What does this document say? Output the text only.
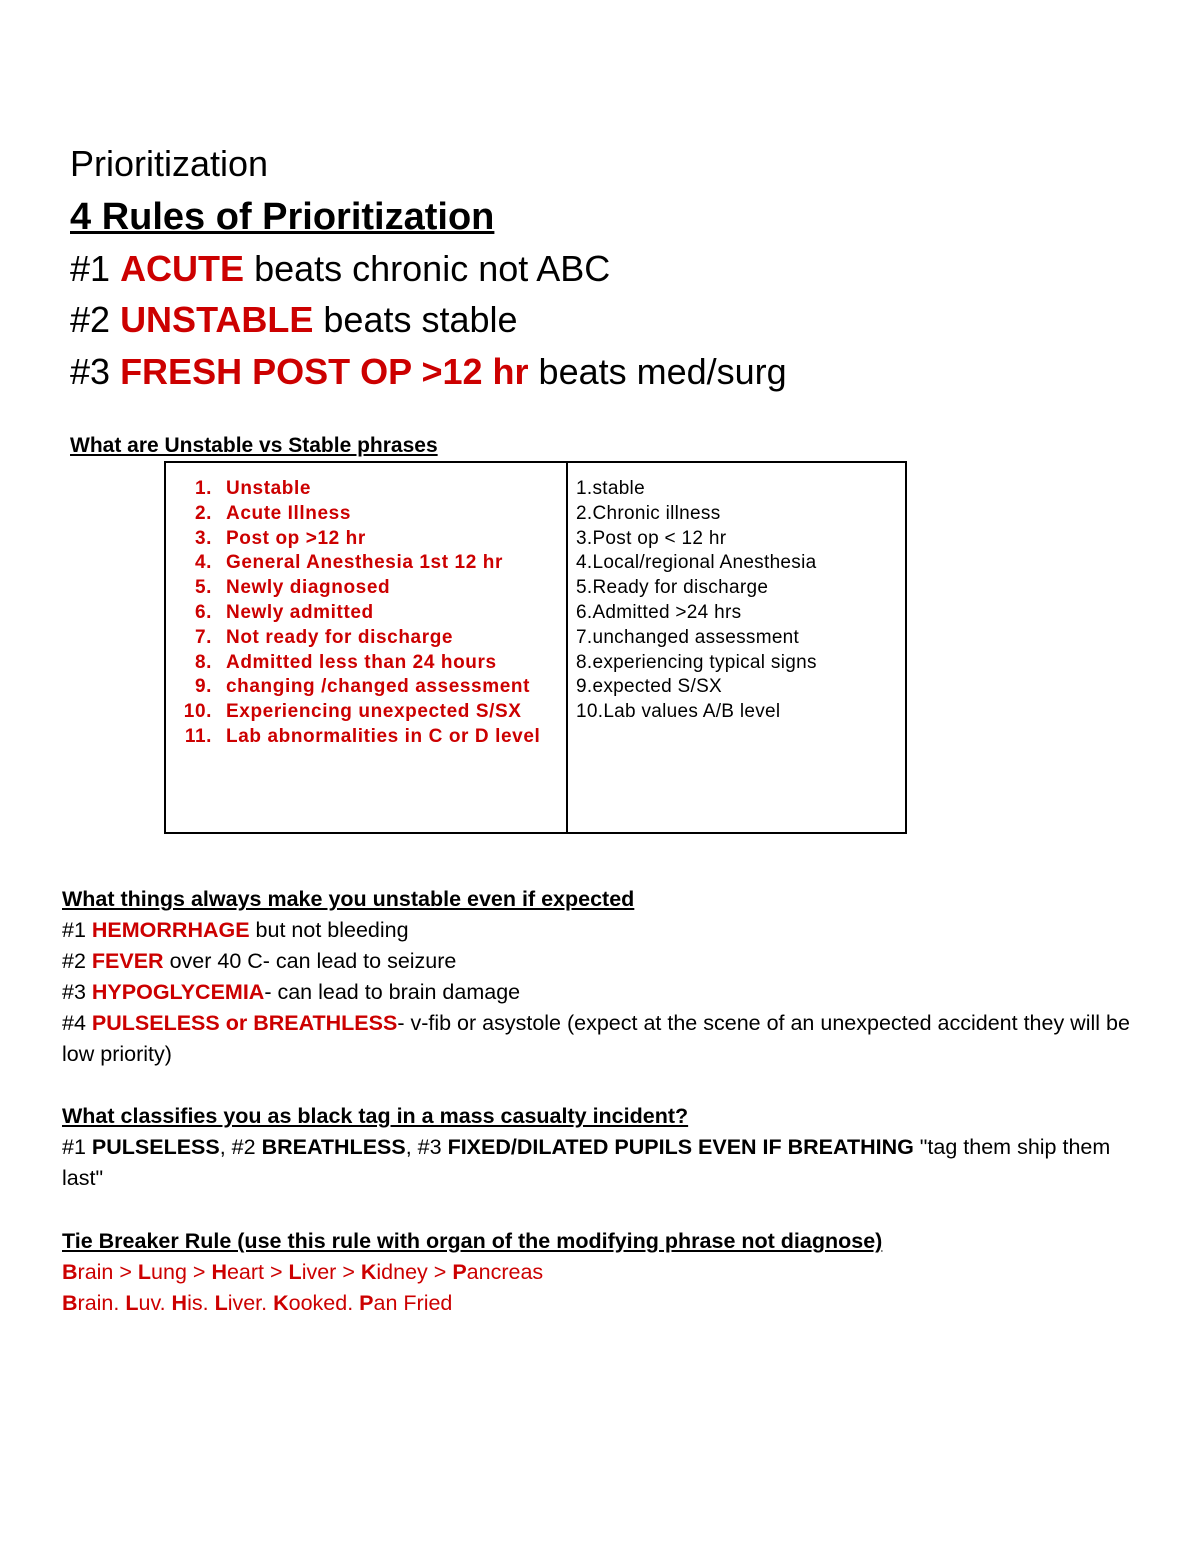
Prioritization
4 Rules of Prioritization
#1 ACUTE beats chronic not ABC
#2 UNSTABLE beats stable
#3 FRESH POST OP >12 hr beats med/surg
What are Unstable vs Stable phrases
1. Unstable
2. Acute Illness
3. Post op >12 hr
4. General Anesthesia 1st 12 hr
5. Newly diagnosed
6. Newly admitted
7. Not ready for discharge
8. Admitted less than 24 hours
9. changing /changed assessment
10. Experiencing unexpected S/SX
11. Lab abnormalities in C or D level
1.stable
2.Chronic illness
3.Post op < 12 hr
4.Local/regional Anesthesia
5.Ready for discharge
6.Admitted >24 hrs
7.unchanged assessment
8.experiencing typical signs
9.expected S/SX
10.Lab values A/B level
What things always make you unstable even if expected
#1 HEMORRHAGE but not bleeding
#2 FEVER over 40 C- can lead to seizure
#3 HYPOGLYCEMIA- can lead to brain damage
#4 PULSELESS or BREATHLESS- v-fib or asystole (expect at the scene of an unexpected accident they will be low priority)
What classifies you as black tag in a mass casualty incident?
#1 PULSELESS, #2 BREATHLESS, #3 FIXED/DILATED PUPILS EVEN IF BREATHING "tag them ship them last"
Tie Breaker Rule (use this rule with organ of the modifying phrase not diagnose)
Brain > Lung > Heart > Liver > Kidney > Pancreas
Brain. Luv. His. Liver. Kooked. Pan Fried
